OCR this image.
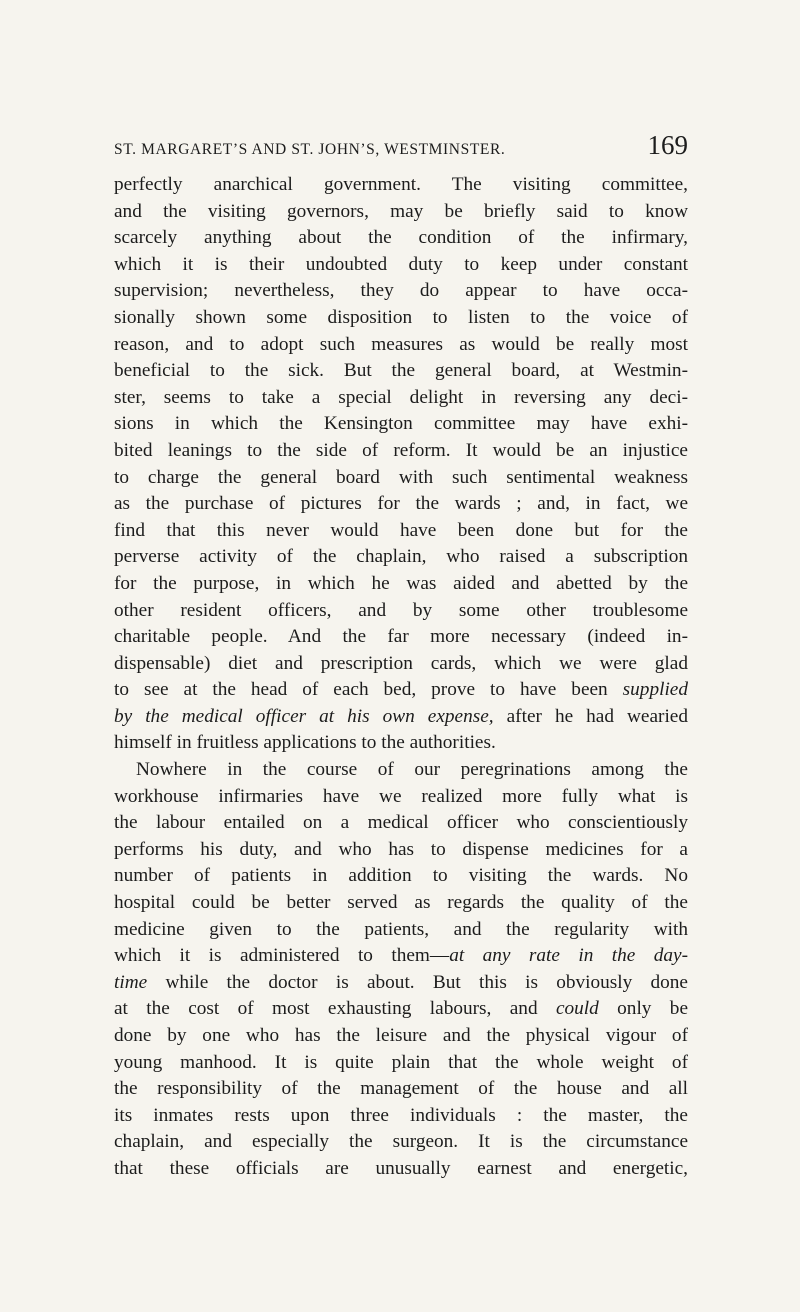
ST. MARGARET’S AND ST. JOHN’S, WESTMINSTER.	169
perfectly anarchical government. The visiting committee,
and the visiting governors, may be briefly said to know
scarcely anything about the condition of the infirmary,
which it is their undoubted duty to keep under constant
supervision; nevertheless, they do appear to have occa-
sionally shown some disposition to listen to the voice of
reason, and to adopt such measures as would be really most
beneficial to the sick. But the general board, at Westmin-
ster, seems to take a special delight in reversing any deci-
sions in which the Kensington committee may have exhi-
bited leanings to the side of reform. It would be an injustice
to charge the general board with such sentimental weakness
as the purchase of pictures for the wards ; and, in fact, we
find that this never would have been done but for the
perverse activity of the chaplain, who raised a subscription
for the purpose, in which he was aided and abetted by the
other resident officers, and by some other troublesome
charitable people. And the far more necessary (indeed in-
dispensable) diet and prescription cards, which we were glad
to see at the head of each bed, prove to have been supplied
by the medical officer at his own expense, after he had wearied
himself in fruitless applications to the authorities.
Nowhere in the course of our peregrinations among the
workhouse infirmaries have we realized more fully what is
the labour entailed on a medical officer who conscientiously
performs his duty, and who has to dispense medicines for a
number of patients in addition to visiting the wards. No
hospital could be better served as regards the quality of the
medicine given to the patients, and the regularity with
which it is administered to them—at any rate in the day-
time while the doctor is about. But this is obviously done
at the cost of most exhausting labours, and could only be
done by one who has the leisure and the physical vigour of
young manhood. It is quite plain that the whole weight of
the responsibility of the management of the house and all
its inmates rests upon three individuals : the master, the
chaplain, and especially the surgeon. It is the circumstance
that these officials are unusually earnest and energetic,
